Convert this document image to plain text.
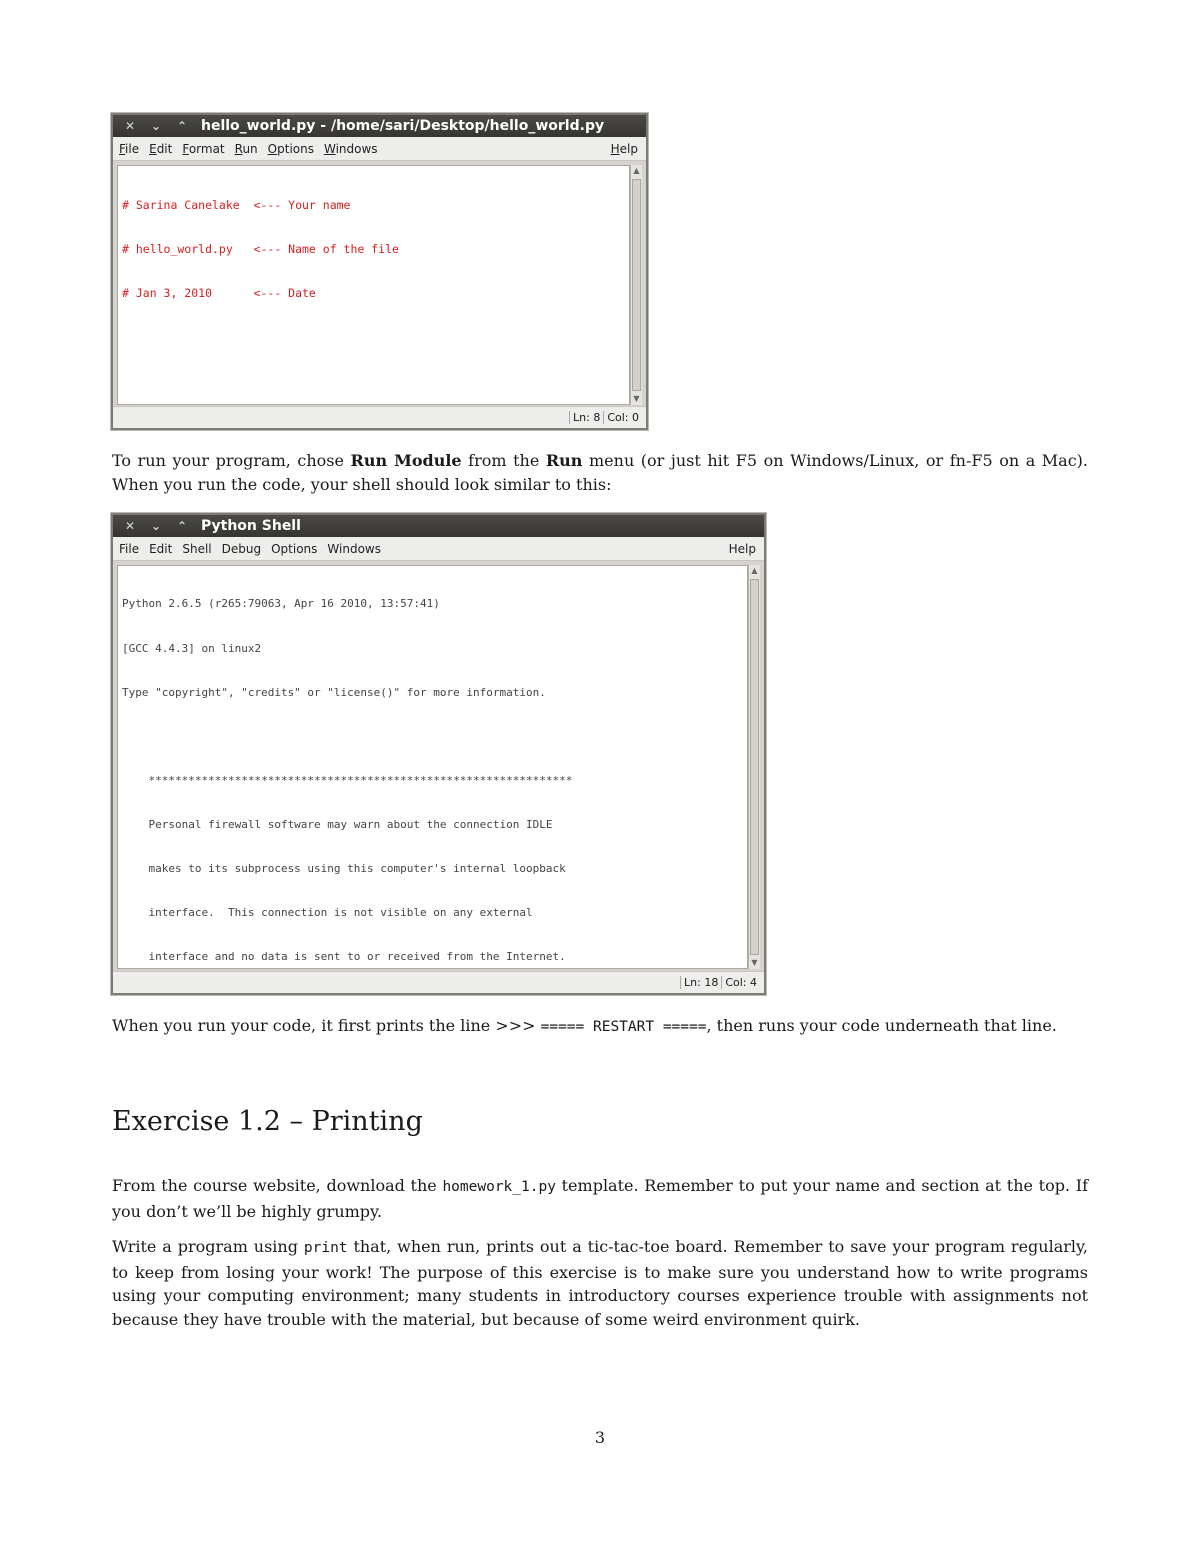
✕	⌄	⌃ hello_world.py - /home/sari/Desktop/hello_world.py
File Edit Format Run Options Windows	Help

# Sarina Canelake  <--- Your name

# hello_world.py   <--- Name of the file

# Jan 3, 2010      <--- Date

▲
▼
Ln: 8 Col: 0

To run your program, chose Run Module from the Run menu (or just hit F5 on Windows/Linux, or fn-F5 on a Mac). When you run the code, your shell should look similar to this:

✕	⌄	⌃ Python Shell
File Edit Shell Debug Options Windows	Help

Python 2.6.5 (r265:79063, Apr 16 2010, 13:57:41)

[GCC 4.4.3] on linux2

Type "copyright", "credits" or "license()" for more information.

****************************************************************

Personal firewall software may warn about the connection IDLE

makes to its subprocess using this computer's internal loopback

interface.  This connection is not visible on any external

interface and no data is sent to or received from the Internet.

▲
▼
Ln: 18 Col: 4

When you run your code, it first prints the line >>> ===== RESTART =====, then runs your code underneath that line.

Exercise 1.2 – Printing

From the course website, download the homework_1.py template. Remember to put your name and section at the top. If you don’t we’ll be highly grumpy.

Write a program using print that, when run, prints out a tic-tac-toe board. Remember to save your program regularly, to keep from losing your work! The purpose of this exercise is to make sure you understand how to write programs using your computing environment; many students in introductory courses experience trouble with assignments not because they have trouble with the material, but because of some weird environment quirk.

3
